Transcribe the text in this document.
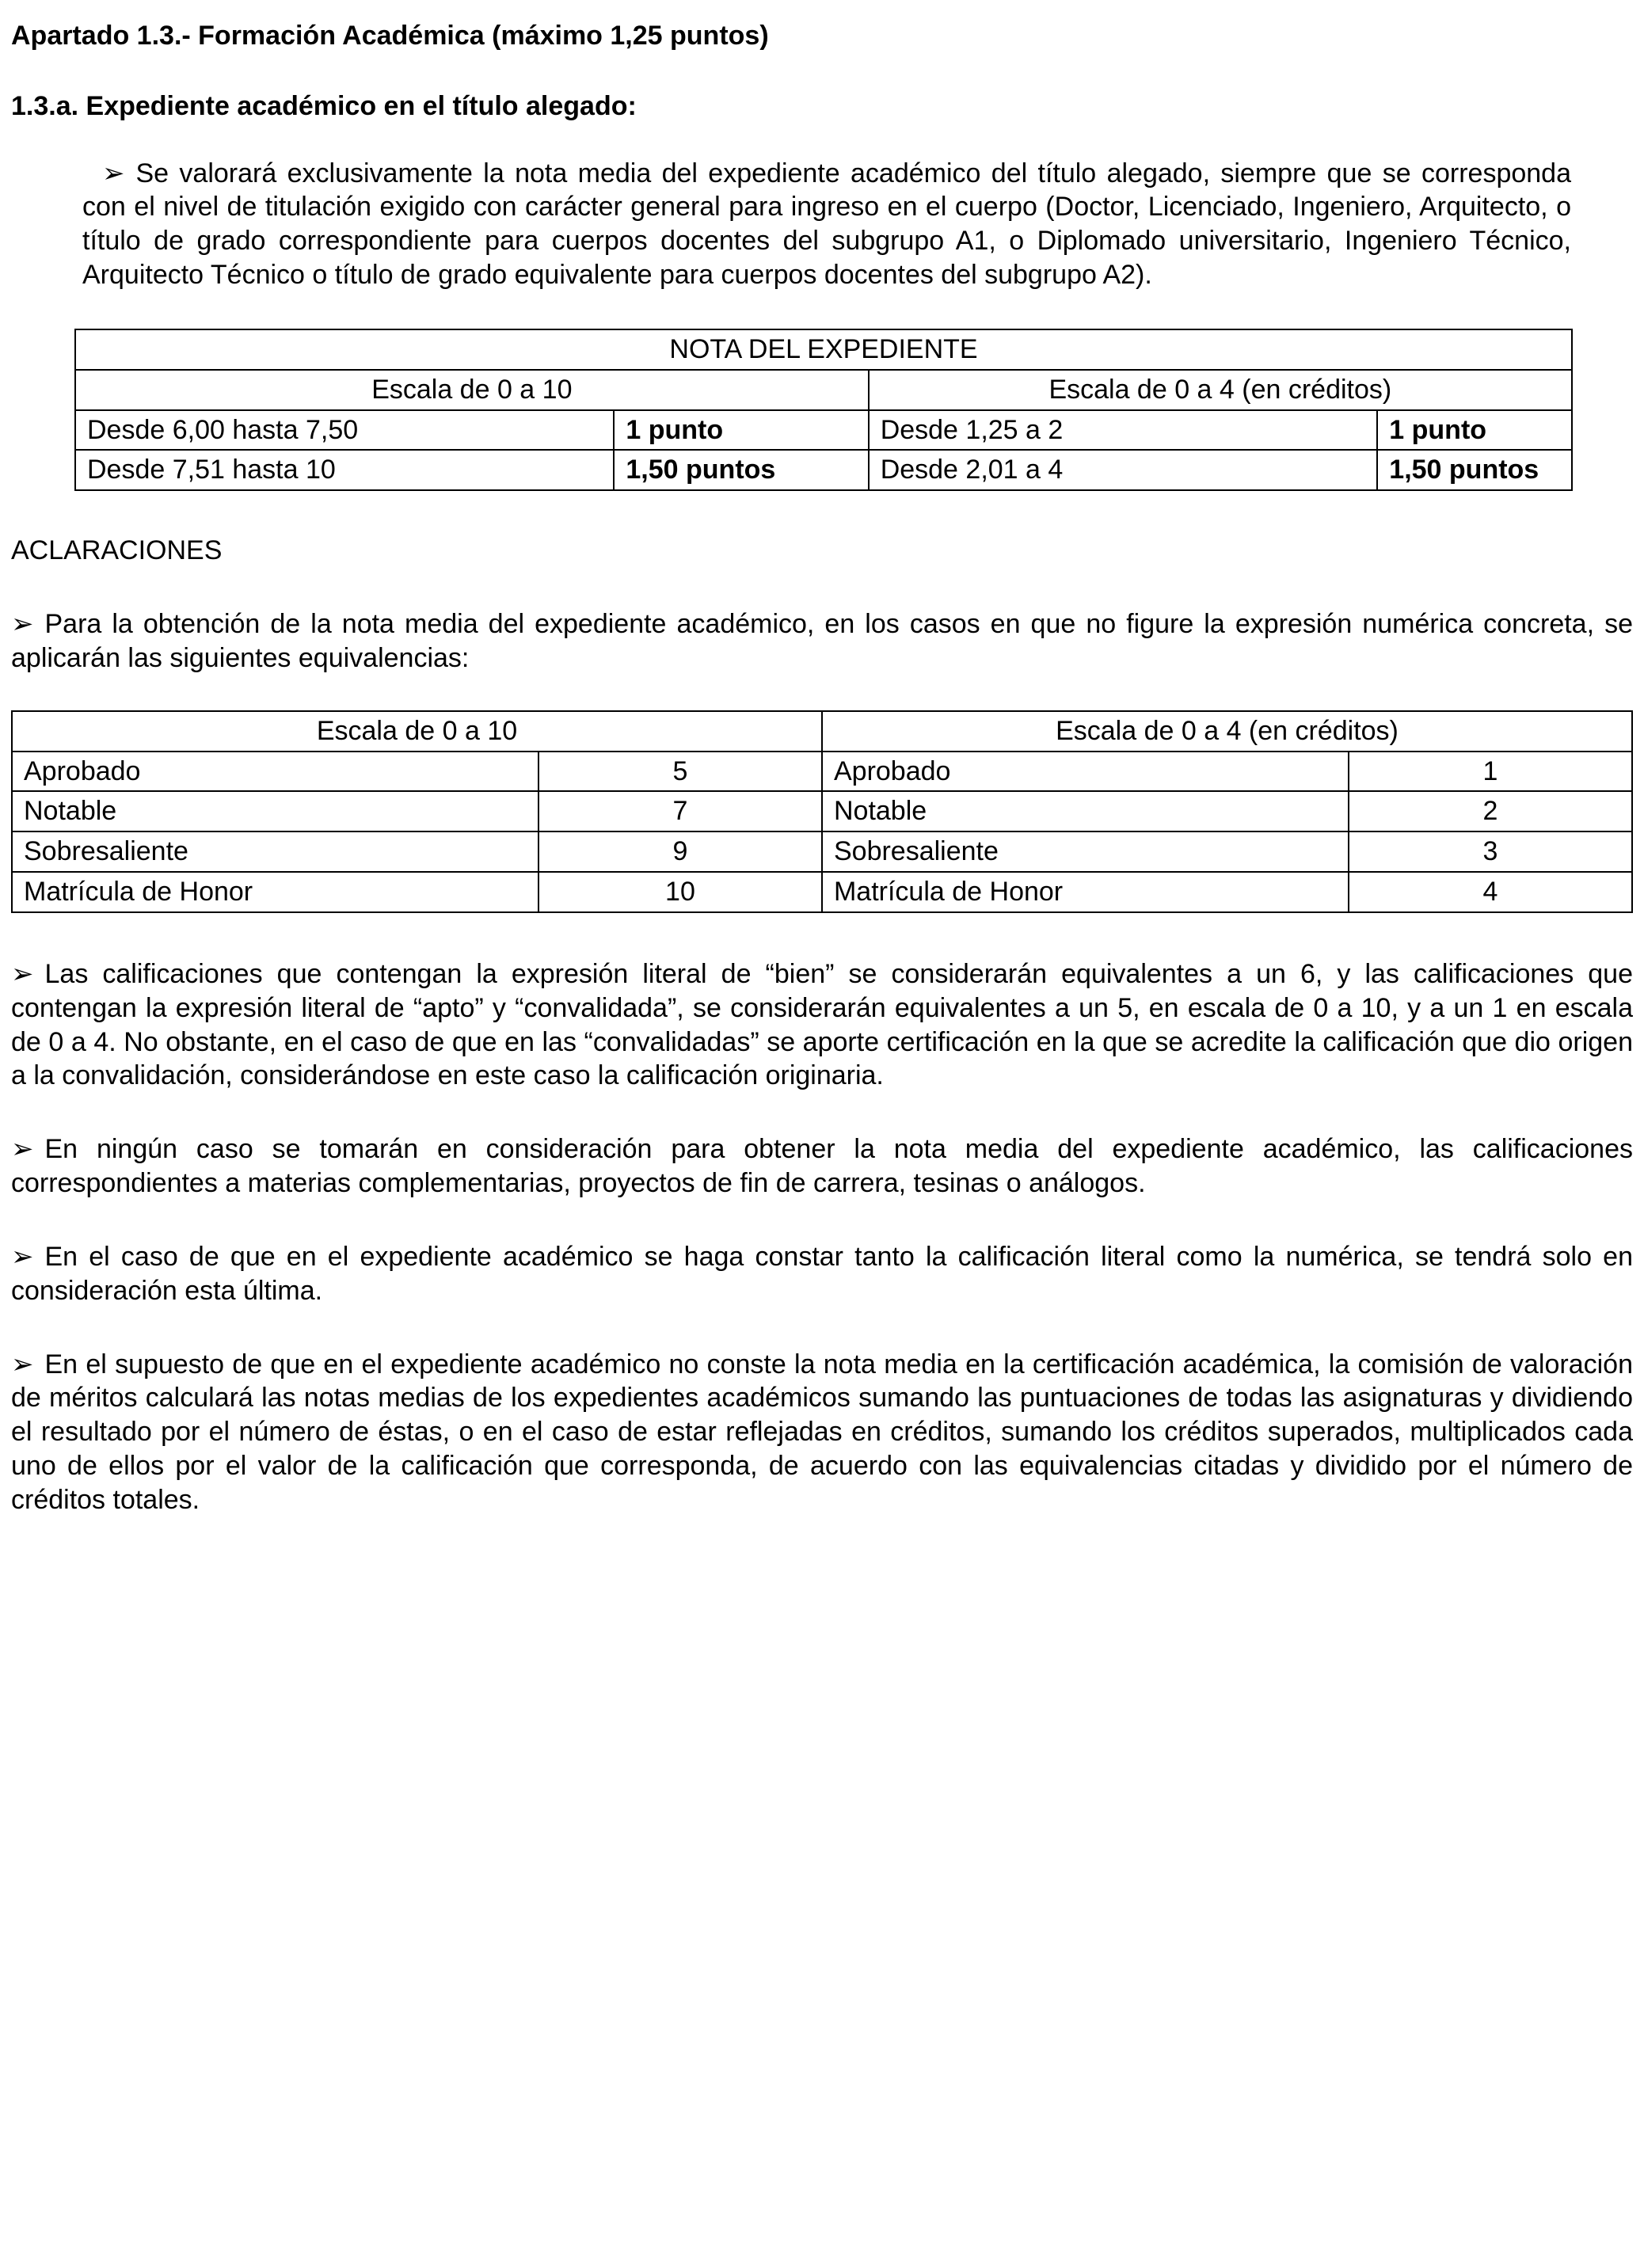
Apartado 1.3.- Formación Académica (máximo 1,25 puntos)
1.3.a. Expediente académico en el título alegado:

➢ Se valorará exclusivamente la nota media del expediente académico del título alegado, siempre que se corresponda con el nivel de titulación exigido con carácter general para ingreso en el cuerpo (Doctor, Licenciado, Ingeniero, Arquitecto, o título de grado correspondiente para cuerpos docentes del subgrupo A1, o Diplomado universitario, Ingeniero Técnico, Arquitecto Técnico o título de grado equivalente para cuerpos docentes del subgrupo A2).

NOTA DEL EXPEDIENTE			
Escala de 0 a 10		Escala de 0 a 4 (en créditos)	
Desde 6,00 hasta 7,50	1 punto	Desde 1,25 a 2	1 punto
Desde 7,51 hasta 10	1,50 puntos	Desde 2,01 a 4	1,50 puntos

ACLARACIONES

➢ Para la obtención de la nota media del expediente académico, en los casos en que no figure la expresión numérica concreta, se aplicarán las siguientes equivalencias:

Escala de 0 a 10		Escala de 0 a 4 (en créditos)	
Aprobado	5	Aprobado	1
Notable	7	Notable	2
Sobresaliente	9	Sobresaliente	3
Matrícula de Honor	10	Matrícula de Honor	4

➢ Las calificaciones que contengan la expresión literal de “bien” se considerarán equivalentes a un 6, y las calificaciones que contengan la expresión literal de “apto” y “convalidada”, se considerarán equivalentes a un 5, en escala de 0 a 10, y a un 1 en escala de 0 a 4. No obstante, en el caso de que en las “convalidadas” se aporte certificación en la que se acredite la calificación que dio origen a la convalidación, considerándose en este caso la calificación originaria.

➢ En ningún caso se tomarán en consideración para obtener la nota media del expediente académico, las calificaciones correspondientes a materias complementarias, proyectos de fin de carrera, tesinas o análogos.

➢ En el caso de que en el expediente académico se haga constar tanto la calificación literal como la numérica, se tendrá solo en consideración esta última.

➢ En el supuesto de que en el expediente académico no conste la nota media en la certificación académica, la comisión de valoración de méritos calculará las notas medias de los expedientes académicos sumando las puntuaciones de todas las asignaturas y dividiendo el resultado por el número de éstas, o en el caso de estar reflejadas en créditos, sumando los créditos superados, multiplicados cada uno de ellos por el valor de la calificación que corresponda, de acuerdo con las equivalencias citadas y dividido por el número de créditos totales.
